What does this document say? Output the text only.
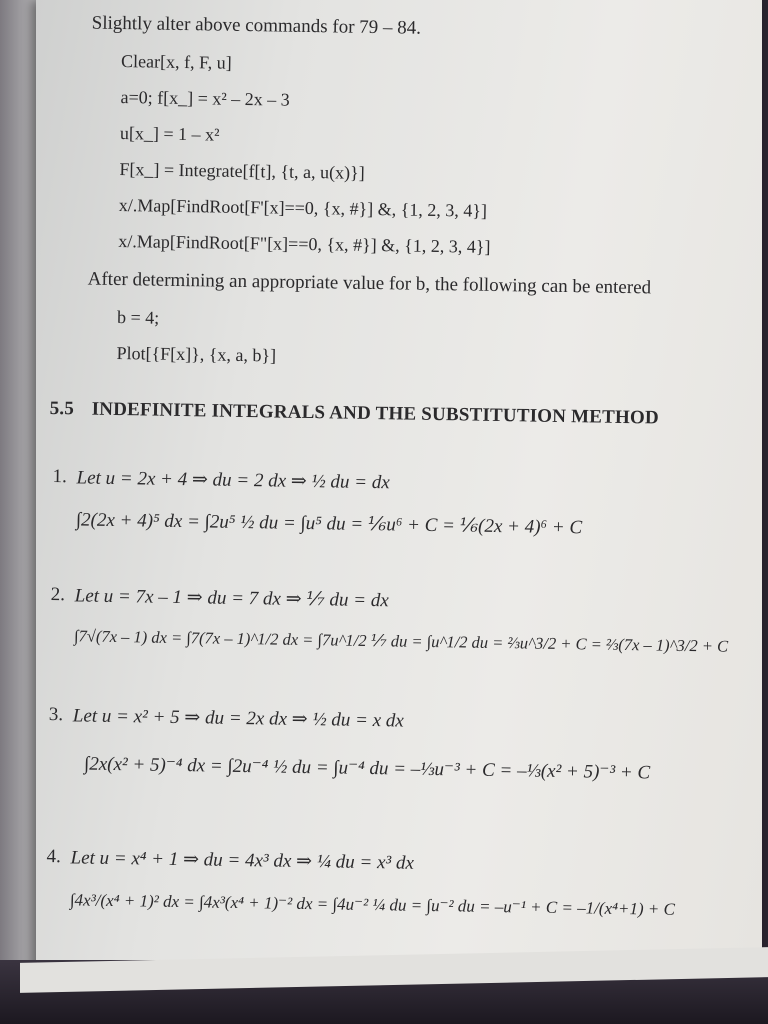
Slightly alter above commands for 79 – 84.
Clear[x, f, F, u]
a=0; f[x_] = x² – 2x – 3
u[x_] = 1 – x²
F[x_] = Integrate[f[t], {t, a, u(x)}]
x/.Map[FindRoot[F'[x]==0, {x, #}] &, {1, 2, 3, 4}]
x/.Map[FindRoot[F"[x]==0, {x, #}] &, {1, 2, 3, 4}]
After determining an appropriate value for b, the following can be entered
b = 4;
Plot[{F[x]}, {x, a, b}]
5.5 INDEFINITE INTEGRALS AND THE SUBSTITUTION METHOD
1. Let u = 2x + 4 ⇒ du = 2 dx ⇒ ½ du = dx
∫2(2x + 4)⁵ dx = ∫2u⁵ ½ du = ∫u⁵ du = ⅙u⁶ + C = ⅙(2x + 4)⁶ + C
2. Let u = 7x – 1 ⇒ du = 7 dx ⇒ ⅐ du = dx
∫7√(7x – 1) dx = ∫7(7x – 1)^1/2 dx = ∫7u^1/2 ⅐ du = ∫u^1/2 du = ⅔u^3/2 + C = ⅔(7x – 1)^3/2 + C
3. Let u = x² + 5 ⇒ du = 2x dx ⇒ ½ du = x dx
∫2x(x² + 5)⁻⁴ dx = ∫2u⁻⁴ ½ du = ∫u⁻⁴ du = –⅓u⁻³ + C = –⅓(x² + 5)⁻³ + C
4. Let u = x⁴ + 1 ⇒ du = 4x³ dx ⇒ ¼ du = x³ dx
∫4x³/(x⁴ + 1)² dx = ∫4x³(x⁴ + 1)⁻² dx = ∫4u⁻² ¼ du = ∫u⁻² du = –u⁻¹ + C = –1/(x⁴+1) + C
